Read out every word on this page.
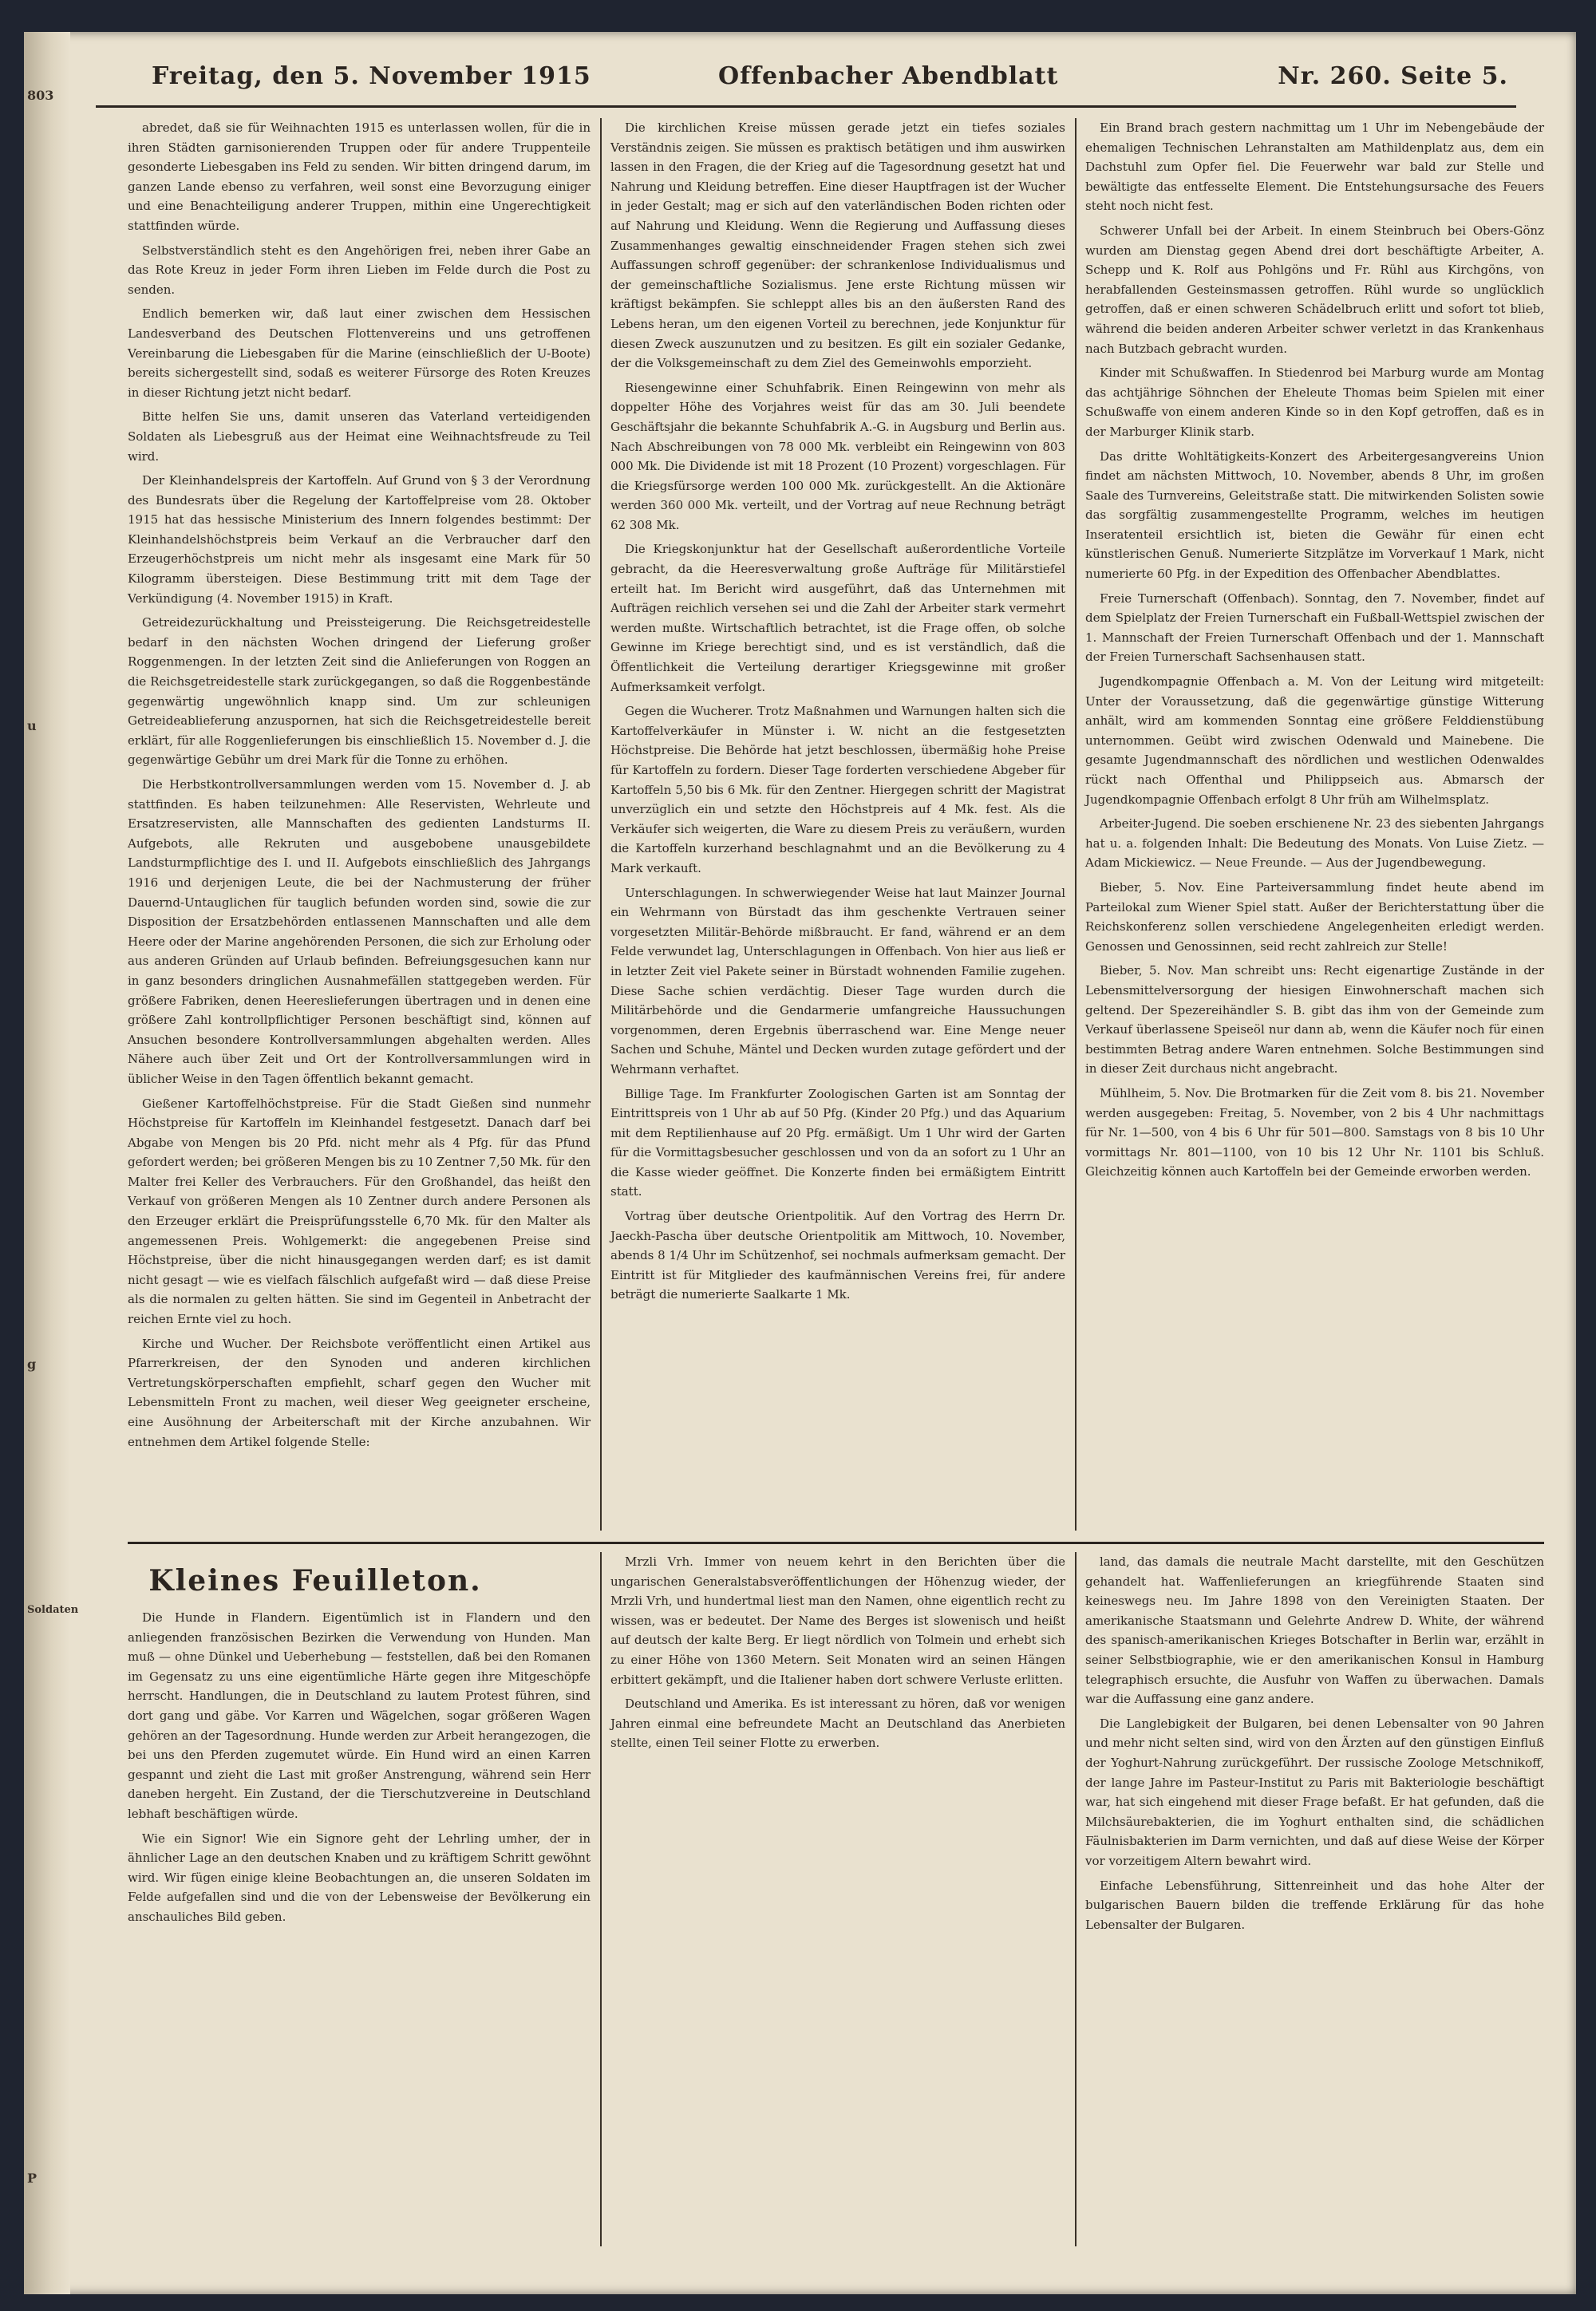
803
u
g
Soldaten
P
Freitag, den 5. November 1915	Offenbacher Abendblatt	Nr. 260. Seite 5.

abredet, daß sie für Weihnachten 1915 es unterlassen wollen, für die in ihren Städten garnisonierenden Truppen oder für andere Truppenteile gesonderte Liebesgaben ins Feld zu senden. Wir bitten dringend darum, im ganzen Lande ebenso zu verfahren, weil sonst eine Bevorzugung einiger und eine Benachteiligung anderer Truppen, mithin eine Ungerechtigkeit stattfinden würde.

Selbstverständlich steht es den Angehörigen frei, neben ihrer Gabe an das Rote Kreuz in jeder Form ihren Lieben im Felde durch die Post zu senden.

Endlich bemerken wir, daß laut einer zwischen dem Hessischen Landesverband des Deutschen Flottenvereins und uns getroffenen Vereinbarung die Liebesgaben für die Marine (einschließlich der U-Boote) bereits sichergestellt sind, sodaß es weiterer Fürsorge des Roten Kreuzes in dieser Richtung jetzt nicht bedarf.

Bitte helfen Sie uns, damit unseren das Vaterland verteidigenden Soldaten als Liebesgruß aus der Heimat eine Weihnachtsfreude zu Teil wird.

Der Kleinhandelspreis der Kartoffeln. Auf Grund von § 3 der Verordnung des Bundesrats über die Regelung der Kartoffelpreise vom 28. Oktober 1915 hat das hessische Ministerium des Innern folgendes bestimmt: Der Kleinhandelshöchstpreis beim Verkauf an die Verbraucher darf den Erzeugerhöchstpreis um nicht mehr als insgesamt eine Mark für 50 Kilogramm übersteigen. Diese Bestimmung tritt mit dem Tage der Verkündigung (4. November 1915) in Kraft.

Getreidezurückhaltung und Preissteigerung. Die Reichsgetreidestelle bedarf in den nächsten Wochen dringend der Lieferung großer Roggenmengen. In der letzten Zeit sind die Anlieferungen von Roggen an die Reichsgetreidestelle stark zurückgegangen, so daß die Roggenbestände gegenwärtig ungewöhnlich knapp sind. Um zur schleunigen Getreideablieferung anzuspornen, hat sich die Reichsgetreidestelle bereit erklärt, für alle Roggenlieferungen bis einschließlich 15. November d. J. die gegenwärtige Gebühr um drei Mark für die Tonne zu erhöhen.

Die Herbstkontrollversammlungen werden vom 15. November d. J. ab stattfinden. Es haben teilzunehmen: Alle Reservisten, Wehrleute und Ersatzreservisten, alle Mannschaften des gedienten Landsturms II. Aufgebots, alle Rekruten und ausgebobene unausgebildete Landsturmpflichtige des I. und II. Aufgebots einschließlich des Jahrgangs 1916 und derjenigen Leute, die bei der Nachmusterung der früher Dauernd-Untauglichen für tauglich befunden worden sind, sowie die zur Disposition der Ersatzbehörden entlassenen Mannschaften und alle dem Heere oder der Marine angehörenden Personen, die sich zur Erholung oder aus anderen Gründen auf Urlaub befinden. Befreiungsgesuchen kann nur in ganz besonders dringlichen Ausnahmefällen stattgegeben werden. Für größere Fabriken, denen Heereslieferungen übertragen und in denen eine größere Zahl kontrollpflichtiger Personen beschäftigt sind, können auf Ansuchen besondere Kontrollversammlungen abgehalten werden. Alles Nähere auch über Zeit und Ort der Kontrollversammlungen wird in üblicher Weise in den Tagen öffentlich bekannt gemacht.

Gießener Kartoffelhöchstpreise. Für die Stadt Gießen sind nunmehr Höchstpreise für Kartoffeln im Kleinhandel festgesetzt. Danach darf bei Abgabe von Mengen bis 20 Pfd. nicht mehr als 4 Pfg. für das Pfund gefordert werden; bei größeren Mengen bis zu 10 Zentner 7,50 Mk. für den Malter frei Keller des Verbrauchers. Für den Großhandel, das heißt den Verkauf von größeren Mengen als 10 Zentner durch andere Personen als den Erzeuger erklärt die Preisprüfungsstelle 6,70 Mk. für den Malter als angemessenen Preis. Wohlgemerkt: die angegebenen Preise sind Höchstpreise, über die nicht hinausgegangen werden darf; es ist damit nicht gesagt — wie es vielfach fälschlich aufgefaßt wird — daß diese Preise als die normalen zu gelten hätten. Sie sind im Gegenteil in Anbetracht der reichen Ernte viel zu hoch.

Kirche und Wucher. Der Reichsbote veröffentlicht einen Artikel aus Pfarrerkreisen, der den Synoden und anderen kirchlichen Vertretungskörperschaften empfiehlt, scharf gegen den Wucher mit Lebensmitteln Front zu machen, weil dieser Weg geeigneter erscheine, eine Ausöhnung der Arbeiterschaft mit der Kirche anzubahnen. Wir entnehmen dem Artikel folgende Stelle:

Die kirchlichen Kreise müssen gerade jetzt ein tiefes soziales Verständnis zeigen. Sie müssen es praktisch betätigen und ihm auswirken lassen in den Fragen, die der Krieg auf die Tagesordnung gesetzt hat und Nahrung und Kleidung betreffen. Eine dieser Hauptfragen ist der Wucher in jeder Gestalt; mag er sich auf den vaterländischen Boden richten oder auf Nahrung und Kleidung. Wenn die Regierung und Auffassung dieses Zusammenhanges gewaltig einschneidender Fragen stehen sich zwei Auffassungen schroff gegenüber: der schrankenlose Individualismus und der gemeinschaftliche Sozialismus. Jene erste Richtung müssen wir kräftigst bekämpfen. Sie schleppt alles bis an den äußersten Rand des Lebens heran, um den eigenen Vorteil zu berechnen, jede Konjunktur für diesen Zweck auszunutzen und zu besitzen. Es gilt ein sozialer Gedanke, der die Volksgemeinschaft zu dem Ziel des Gemeinwohls emporzieht.

Riesengewinne einer Schuhfabrik. Einen Reingewinn von mehr als doppelter Höhe des Vorjahres weist für das am 30. Juli beendete Geschäftsjahr die bekannte Schuhfabrik A.-G. in Augsburg und Berlin aus. Nach Abschreibungen von 78 000 Mk. verbleibt ein Reingewinn von 803 000 Mk. Die Dividende ist mit 18 Prozent (10 Prozent) vorgeschlagen. Für die Kriegsfürsorge werden 100 000 Mk. zurückgestellt. An die Aktionäre werden 360 000 Mk. verteilt, und der Vortrag auf neue Rechnung beträgt 62 308 Mk.

Die Kriegskonjunktur hat der Gesellschaft außerordentliche Vorteile gebracht, da die Heeresverwaltung große Aufträge für Militärstiefel erteilt hat. Im Bericht wird ausgeführt, daß das Unternehmen mit Aufträgen reichlich versehen sei und die Zahl der Arbeiter stark vermehrt werden mußte. Wirtschaftlich betrachtet, ist die Frage offen, ob solche Gewinne im Kriege berechtigt sind, und es ist verständlich, daß die Öffentlichkeit die Verteilung derartiger Kriegsgewinne mit großer Aufmerksamkeit verfolgt.

Gegen die Wucherer. Trotz Maßnahmen und Warnungen halten sich die Kartoffelverkäufer in Münster i. W. nicht an die festgesetzten Höchstpreise. Die Behörde hat jetzt beschlossen, übermäßig hohe Preise für Kartoffeln zu fordern. Dieser Tage forderten verschiedene Abgeber für Kartoffeln 5,50 bis 6 Mk. für den Zentner. Hiergegen schritt der Magistrat unverzüglich ein und setzte den Höchstpreis auf 4 Mk. fest. Als die Verkäufer sich weigerten, die Ware zu diesem Preis zu veräußern, wurden die Kartoffeln kurzerhand beschlagnahmt und an die Bevölkerung zu 4 Mark verkauft.

Unterschlagungen. In schwerwiegender Weise hat laut Mainzer Journal ein Wehrmann von Bürstadt das ihm geschenkte Vertrauen seiner vorgesetzten Militär-Behörde mißbraucht. Er fand, während er an dem Felde verwundet lag, Unterschlagungen in Offenbach. Von hier aus ließ er in letzter Zeit viel Pakete seiner in Bürstadt wohnenden Familie zugehen. Diese Sache schien verdächtig. Dieser Tage wurden durch die Militärbehörde und die Gendarmerie umfangreiche Haussuchungen vorgenommen, deren Ergebnis überraschend war. Eine Menge neuer Sachen und Schuhe, Mäntel und Decken wurden zutage gefördert und der Wehrmann verhaftet.

Billige Tage. Im Frankfurter Zoologischen Garten ist am Sonntag der Eintrittspreis von 1 Uhr ab auf 50 Pfg. (Kinder 20 Pfg.) und das Aquarium mit dem Reptilienhause auf 20 Pfg. ermäßigt. Um 1 Uhr wird der Garten für die Vormittagsbesucher geschlossen und von da an sofort zu 1 Uhr an die Kasse wieder geöffnet. Die Konzerte finden bei ermäßigtem Eintritt statt.

Vortrag über deutsche Orientpolitik. Auf den Vortrag des Herrn Dr. Jaeckh-Pascha über deutsche Orientpolitik am Mittwoch, 10. November, abends 8 1/4 Uhr im Schützenhof, sei nochmals aufmerksam gemacht. Der Eintritt ist für Mitglieder des kaufmännischen Vereins frei, für andere beträgt die numerierte Saalkarte 1 Mk.

Ein Brand brach gestern nachmittag um 1 Uhr im Nebengebäude der ehemaligen Technischen Lehranstalten am Mathildenplatz aus, dem ein Dachstuhl zum Opfer fiel. Die Feuerwehr war bald zur Stelle und bewältigte das entfesselte Element. Die Entstehungsursache des Feuers steht noch nicht fest.

Schwerer Unfall bei der Arbeit. In einem Steinbruch bei Obers-Gönz wurden am Dienstag gegen Abend drei dort beschäftigte Arbeiter, A. Schepp und K. Rolf aus Pohlgöns und Fr. Rühl aus Kirchgöns, von herabfallenden Gesteinsmassen getroffen. Rühl wurde so unglücklich getroffen, daß er einen schweren Schädelbruch erlitt und sofort tot blieb, während die beiden anderen Arbeiter schwer verletzt in das Krankenhaus nach Butzbach gebracht wurden.

Kinder mit Schußwaffen. In Stiedenrod bei Marburg wurde am Montag das achtjährige Söhnchen der Eheleute Thomas beim Spielen mit einer Schußwaffe von einem anderen Kinde so in den Kopf getroffen, daß es in der Marburger Klinik starb.

Das dritte Wohltätigkeits-Konzert des Arbeitergesangvereins Union findet am nächsten Mittwoch, 10. November, abends 8 Uhr, im großen Saale des Turnvereins, Geleitstraße statt. Die mitwirkenden Solisten sowie das sorgfältig zusammengestellte Programm, welches im heutigen Inseratenteil ersichtlich ist, bieten die Gewähr für einen echt künstlerischen Genuß. Numerierte Sitzplätze im Vorverkauf 1 Mark, nicht numerierte 60 Pfg. in der Expedition des Offenbacher Abendblattes.

Freie Turnerschaft (Offenbach). Sonntag, den 7. November, findet auf dem Spielplatz der Freien Turnerschaft ein Fußball-Wettspiel zwischen der 1. Mannschaft der Freien Turnerschaft Offenbach und der 1. Mannschaft der Freien Turnerschaft Sachsenhausen statt.

Jugendkompagnie Offenbach a. M. Von der Leitung wird mitgeteilt: Unter der Voraussetzung, daß die gegenwärtige günstige Witterung anhält, wird am kommenden Sonntag eine größere Felddienstübung unternommen. Geübt wird zwischen Odenwald und Mainebene. Die gesamte Jugendmannschaft des nördlichen und westlichen Odenwaldes rückt nach Offenthal und Philippseich aus. Abmarsch der Jugendkompagnie Offenbach erfolgt 8 Uhr früh am Wilhelmsplatz.

Arbeiter-Jugend. Die soeben erschienene Nr. 23 des siebenten Jahrgangs hat u. a. folgenden Inhalt: Die Bedeutung des Monats. Von Luise Zietz. — Adam Mickiewicz. — Neue Freunde. — Aus der Jugendbewegung.

Bieber, 5. Nov. Eine Parteiversammlung findet heute abend im Parteilokal zum Wiener Spiel statt. Außer der Berichterstattung über die Reichskonferenz sollen verschiedene Angelegenheiten erledigt werden. Genossen und Genossinnen, seid recht zahlreich zur Stelle!

Bieber, 5. Nov. Man schreibt uns: Recht eigenartige Zustände in der Lebensmittelversorgung der hiesigen Einwohnerschaft machen sich geltend. Der Spezereihändler S. B. gibt das ihm von der Gemeinde zum Verkauf überlassene Speiseöl nur dann ab, wenn die Käufer noch für einen bestimmten Betrag andere Waren entnehmen. Solche Bestimmungen sind in dieser Zeit durchaus nicht angebracht.

Mühlheim, 5. Nov. Die Brotmarken für die Zeit vom 8. bis 21. November werden ausgegeben: Freitag, 5. November, von 2 bis 4 Uhr nachmittags für Nr. 1—500, von 4 bis 6 Uhr für 501—800. Samstags von 8 bis 10 Uhr vormittags Nr. 801—1100, von 10 bis 12 Uhr Nr. 1101 bis Schluß. Gleichzeitig können auch Kartoffeln bei der Gemeinde erworben werden.

Kleines Feuilleton.

Die Hunde in Flandern. Eigentümlich ist in Flandern und den anliegenden französischen Bezirken die Verwendung von Hunden. Man muß — ohne Dünkel und Ueberhebung — feststellen, daß bei den Romanen im Gegensatz zu uns eine eigentümliche Härte gegen ihre Mitgeschöpfe herrscht. Handlungen, die in Deutschland zu lautem Protest führen, sind dort gang und gäbe. Vor Karren und Wägelchen, sogar größeren Wagen gehören an der Tagesordnung. Hunde werden zur Arbeit herangezogen, die bei uns den Pferden zugemutet würde. Ein Hund wird an einen Karren gespannt und zieht die Last mit großer Anstrengung, während sein Herr daneben hergeht. Ein Zustand, der die Tierschutzvereine in Deutschland lebhaft beschäftigen würde.

Wie ein Signor! Wie ein Signore geht der Lehrling umher, der in ähnlicher Lage an den deutschen Knaben und zu kräftigem Schritt gewöhnt wird. Wir fügen einige kleine Beobachtungen an, die unseren Soldaten im Felde aufgefallen sind und die von der Lebensweise der Bevölkerung ein anschauliches Bild geben.

Mrzli Vrh. Immer von neuem kehrt in den Berichten über die ungarischen Generalstabsveröffentlichungen der Höhenzug wieder, der Mrzli Vrh, und hundertmal liest man den Namen, ohne eigentlich recht zu wissen, was er bedeutet. Der Name des Berges ist slowenisch und heißt auf deutsch der kalte Berg. Er liegt nördlich von Tolmein und erhebt sich zu einer Höhe von 1360 Metern. Seit Monaten wird an seinen Hängen erbittert gekämpft, und die Italiener haben dort schwere Verluste erlitten.

Deutschland und Amerika. Es ist interessant zu hören, daß vor wenigen Jahren einmal eine befreundete Macht an Deutschland das Anerbieten stellte, einen Teil seiner Flotte zu erwerben.

land, das damals die neutrale Macht darstellte, mit den Geschützen gehandelt hat. Waffenlieferungen an kriegführende Staaten sind keineswegs neu. Im Jahre 1898 von den Vereinigten Staaten. Der amerikanische Staatsmann und Gelehrte Andrew D. White, der während des spanisch-amerikanischen Krieges Botschafter in Berlin war, erzählt in seiner Selbstbiographie, wie er den amerikanischen Konsul in Hamburg telegraphisch ersuchte, die Ausfuhr von Waffen zu überwachen. Damals war die Auffassung eine ganz andere.

Die Langlebigkeit der Bulgaren, bei denen Lebensalter von 90 Jahren und mehr nicht selten sind, wird von den Ärzten auf den günstigen Einfluß der Yoghurt-Nahrung zurückgeführt. Der russische Zoologe Metschnikoff, der lange Jahre im Pasteur-Institut zu Paris mit Bakteriologie beschäftigt war, hat sich eingehend mit dieser Frage befaßt. Er hat gefunden, daß die Milchsäurebakterien, die im Yoghurt enthalten sind, die schädlichen Fäulnisbakterien im Darm vernichten, und daß auf diese Weise der Körper vor vorzeitigem Altern bewahrt wird.

Einfache Lebensführung, Sittenreinheit und das hohe Alter der bulgarischen Bauern bilden die treffende Erklärung für das hohe Lebensalter der Bulgaren.
